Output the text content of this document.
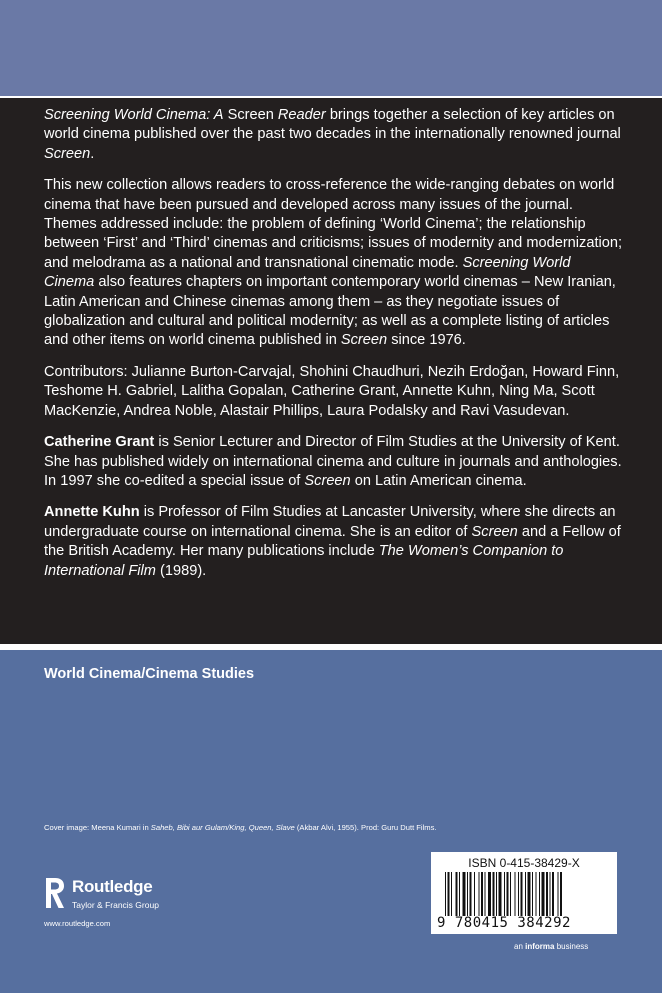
Screening World Cinema: A Screen Reader brings together a selection of key articles on world cinema published over the past two decades in the internationally renowned journal Screen.

This new collection allows readers to cross-reference the wide-ranging debates on world cinema that have been pursued and developed across many issues of the journal. Themes addressed include: the problem of defining ‘World Cinema’; the relationship between ‘First’ and ‘Third’ cinemas and criticisms; issues of modernity and modernization; and melodrama as a national and transnational cinematic mode. Screening World Cinema also features chapters on important contemporary world cinemas – New Iranian, Latin American and Chinese cinemas among them – as they negotiate issues of globalization and cultural and political modernity; as well as a complete listing of articles and other items on world cinema published in Screen since 1976.

Contributors: Julianne Burton-Carvajal, Shohini Chaudhuri, Nezih Erdoğan, Howard Finn, Teshome H. Gabriel, Lalitha Gopalan, Catherine Grant, Annette Kuhn, Ning Ma, Scott MacKenzie, Andrea Noble, Alastair Phillips, Laura Podalsky and Ravi Vasudevan.

Catherine Grant is Senior Lecturer and Director of Film Studies at the University of Kent. She has published widely on international cinema and culture in journals and anthologies. In 1997 she co-edited a special issue of Screen on Latin American cinema.

Annette Kuhn is Professor of Film Studies at Lancaster University, where she directs an undergraduate course on international cinema. She is an editor of Screen and a Fellow of the British Academy. Her many publications include The Women’s Companion to International Film (1989).

World Cinema/Cinema Studies
Cover image: Meena Kumari in Saheb, Bibi aur Gulam/King, Queen, Slave (Akbar Alvi, 1955). Prod: Guru Dutt Films.
Routledge
Taylor & Francis Group
www.routledge.com
ISBN 0-415-38429-X
9 780415 384292
an informa business
